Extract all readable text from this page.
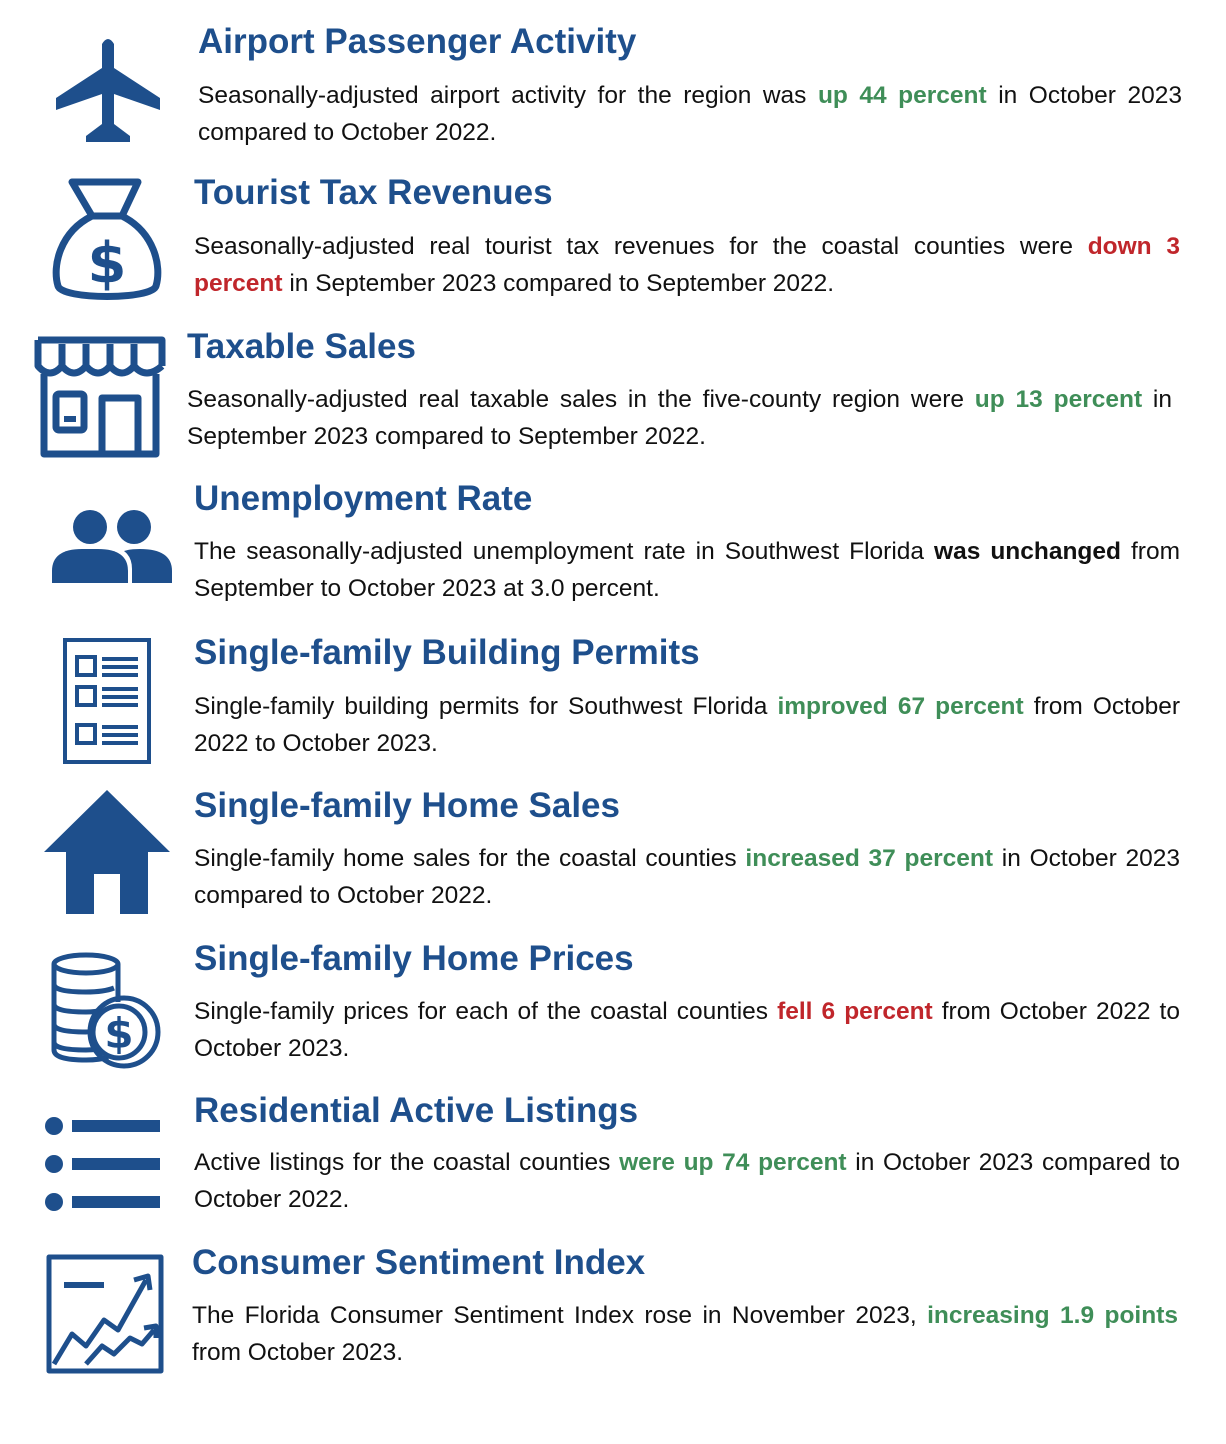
Airport Passenger Activity

Seasonally-adjusted airport activity for the region was up 44 percent in October 2023 compared to October 2022.

$
Tourist Tax Revenues

Seasonally-adjusted real tourist tax revenues for the coastal counties were down 3 percent in September 2023 compared to September 2022.

Taxable Sales

Seasonally-adjusted real taxable sales in the five-county region were up 13 percent in September 2023 compared to September 2022.

Unemployment Rate

The seasonally-adjusted unemployment rate in Southwest Florida was unchanged from September to October 2023 at 3.0 percent.

Single-family Building Permits

Single-family building permits for Southwest Florida improved 67 percent from October 2022 to October 2023.

Single-family Home Sales

Single-family home sales for the coastal counties increased 37 percent in October 2023 compared to October 2022.

$
Single-family Home Prices

Single-family prices for each of the coastal counties fell 6 percent from October 2022 to October 2023.

Residential Active Listings

Active listings for the coastal counties were up 74 percent in October 2023 compared to October 2022.

Consumer Sentiment Index

The Florida Consumer Sentiment Index rose in November 2023, increasing 1.9 points from October 2023.
